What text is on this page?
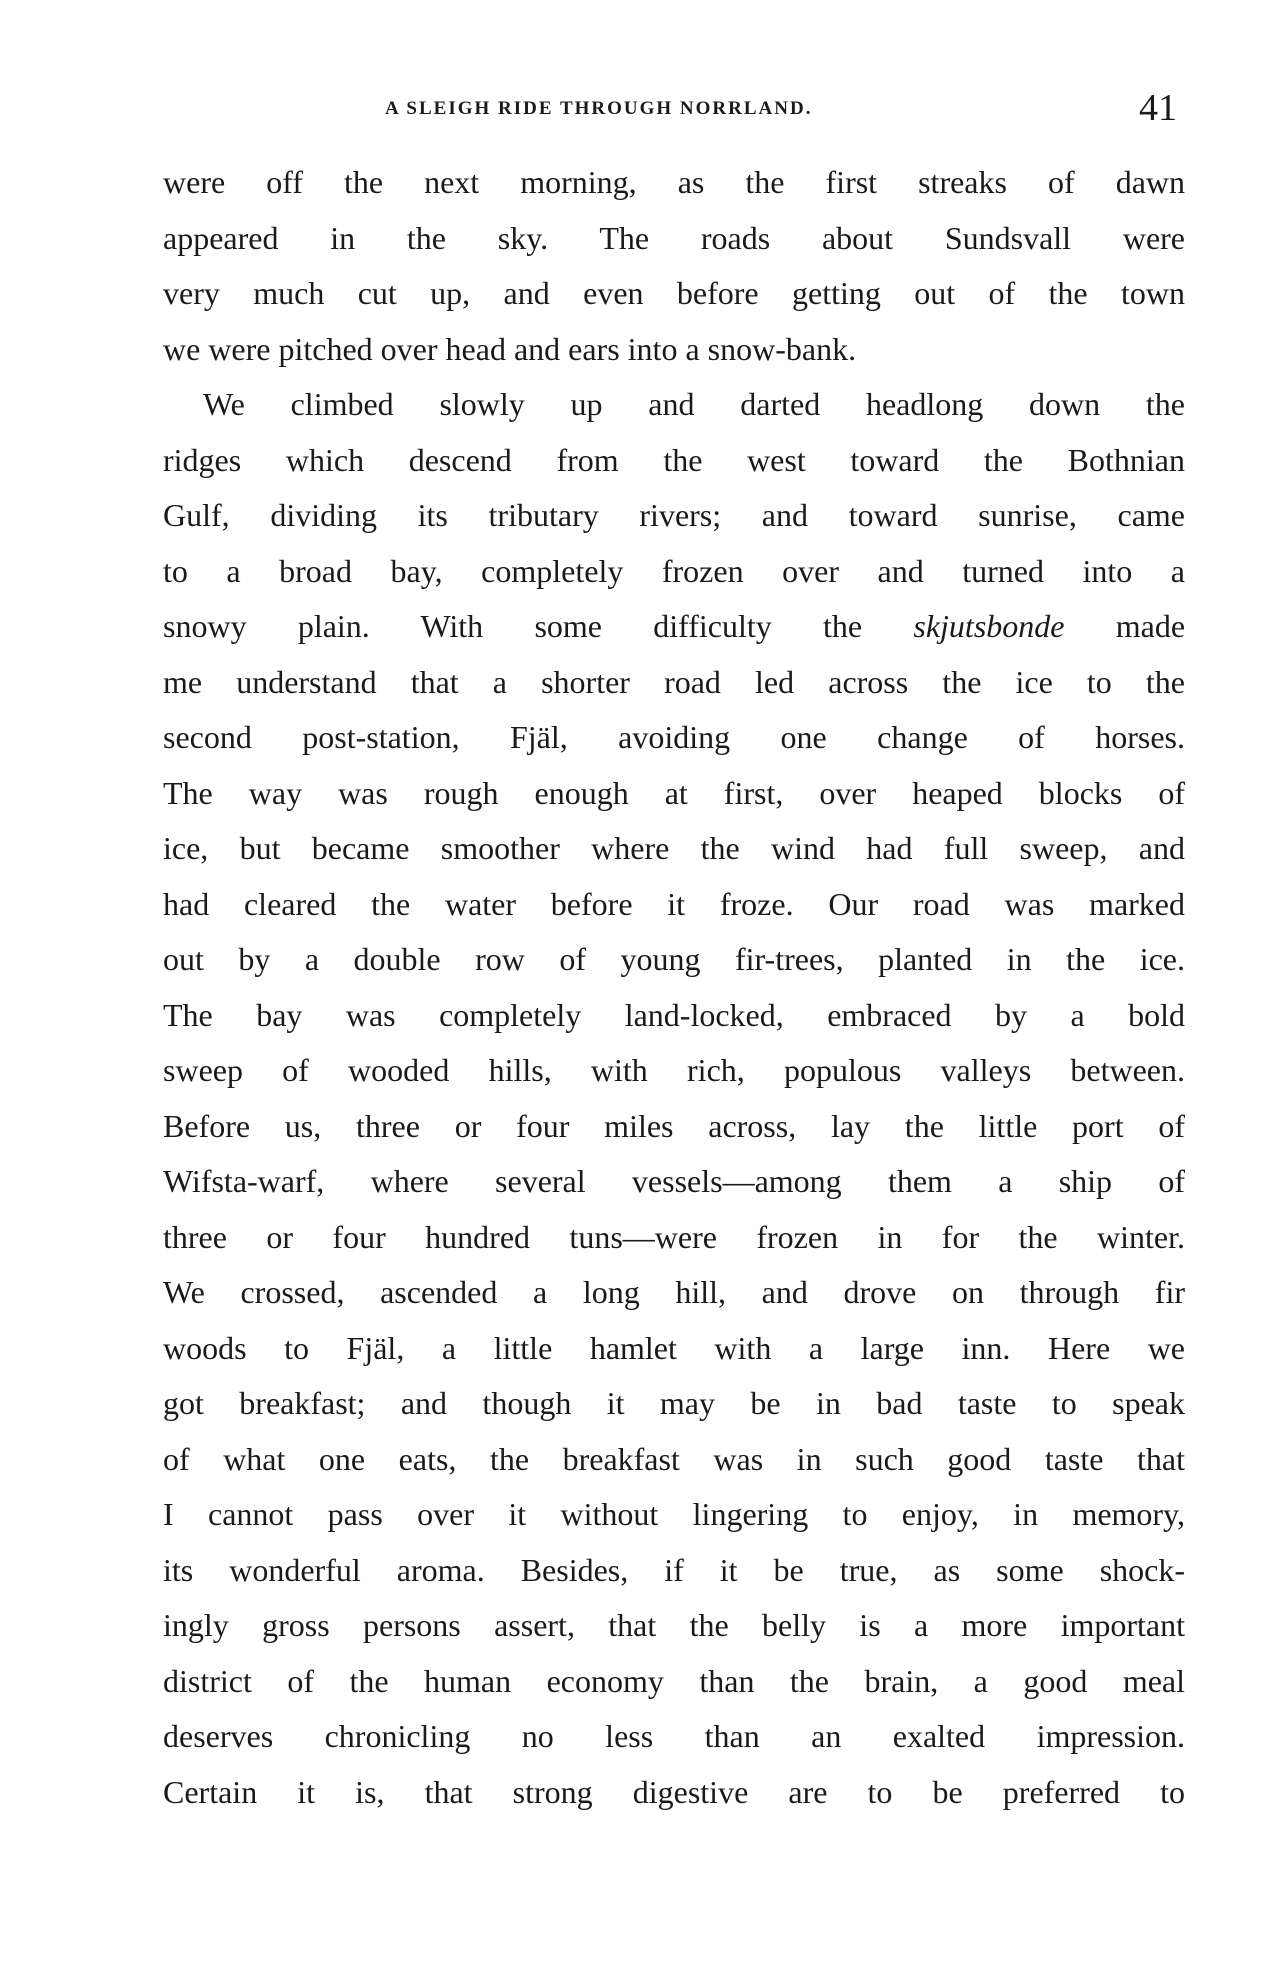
A SLEIGH RIDE THROUGH NORRLAND.	41
were off the next morning, as the first streaks of dawn
appeared in the sky. The roads about Sundsvall were
very much cut up, and even before getting out of the town
we were pitched over head and ears into a snow-bank.
We climbed slowly up and darted headlong down the
ridges which descend from the west toward the Bothnian
Gulf, dividing its tributary rivers; and toward sunrise, came
to a broad bay, completely frozen over and turned into a
snowy plain. With some difficulty the skjutsbonde made
me understand that a shorter road led across the ice to the
second post-station, Fjäl, avoiding one change of horses.
The way was rough enough at first, over heaped blocks of
ice, but became smoother where the wind had full sweep, and
had cleared the water before it froze. Our road was marked
out by a double row of young fir-trees, planted in the ice.
The bay was completely land-locked, embraced by a bold
sweep of wooded hills, with rich, populous valleys between.
Before us, three or four miles across, lay the little port of
Wifsta-warf, where several vessels—among them a ship of
three or four hundred tuns—were frozen in for the winter.
We crossed, ascended a long hill, and drove on through fir
woods to Fjäl, a little hamlet with a large inn. Here we
got breakfast; and though it may be in bad taste to speak
of what one eats, the breakfast was in such good taste that
I cannot pass over it without lingering to enjoy, in memory,
its wonderful aroma. Besides, if it be true, as some shock-
ingly gross persons assert, that the belly is a more important
district of the human economy than the brain, a good meal
deserves chronicling no less than an exalted impression.
Certain it is, that strong digestive are to be preferred to
